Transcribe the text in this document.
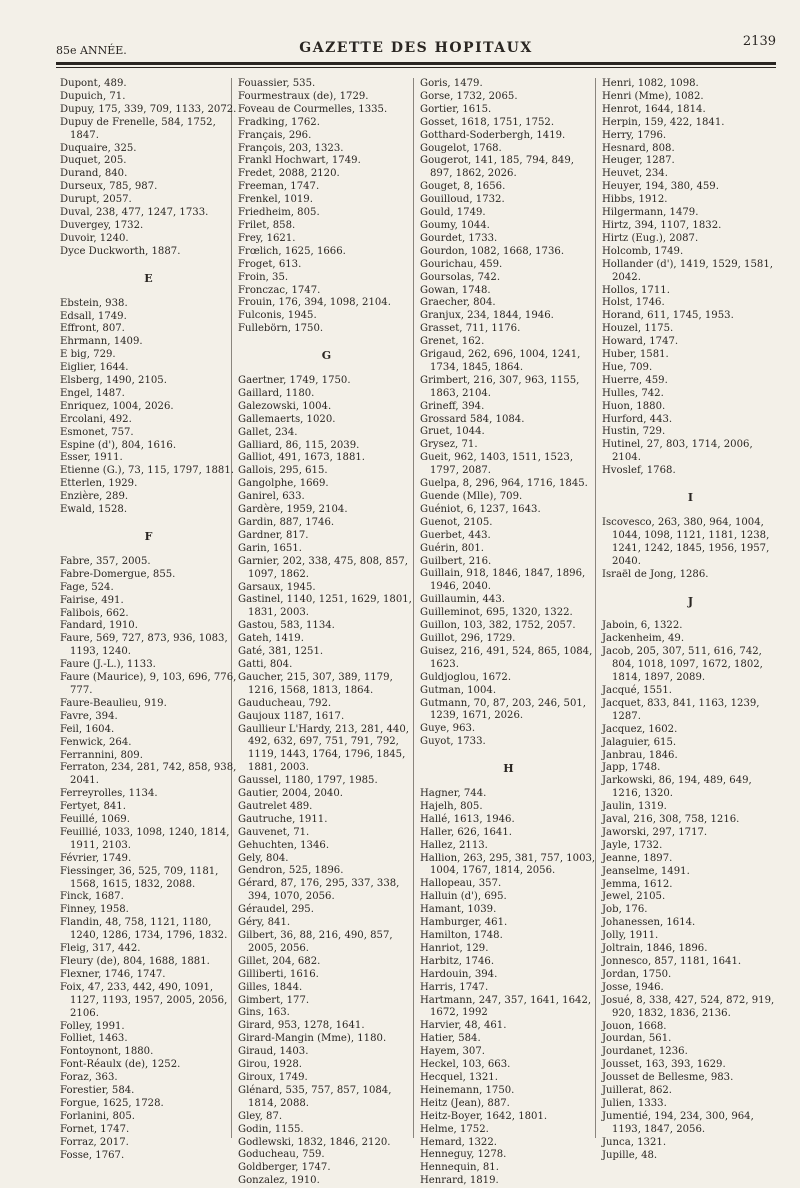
85e ANNÉE.	GAZETTE DES HOPITAUX	2139
Dupont, 489.
Dupuich, 71.
Dupuy, 175, 339, 709, 1133, 2072.
Dupuy de Frenelle, 584, 1752, 1847.
Duquaire, 325.
Duquet, 205.
Durand, 840.
Durseux, 785, 987.
Durupt, 2057.
Duval, 238, 477, 1247, 1733.
Duvergey, 1732.
Duvoir, 1240.
Dyce Duckworth, 1887.
E
Ebstein, 938.
Edsall, 1749.
Effront, 807.
Ehrmann, 1409.
E big, 729.
Eiglier, 1644.
Elsberg, 1490, 2105.
Engel, 1487.
Enriquez, 1004, 2026.
Ercolani, 492.
Esmonet, 757.
Espine (d'), 804, 1616.
Esser, 1911.
Etienne (G.), 73, 115, 1797, 1881.
Etterlen, 1929.
Enzière, 289.
Ewald, 1528.
F
Fabre, 357, 2005.
Fabre-Domergue, 855.
Fage, 524.
Fairise, 491.
Falibois, 662.
Fandard, 1910.
Faure, 569, 727, 873, 936, 1083, 1193, 1240.
Faure (J.-L.), 1133.
Faure (Maurice), 9, 103, 696, 776, 777.
Faure-Beaulieu, 919.
Favre, 394.
Feil, 1604.
Fenwick, 264.
Ferrannini, 809.
Ferraton, 234, 281, 742, 858, 938, 2041.
Ferreyrolles, 1134.
Fertyet, 841.
Feuillé, 1069.
Feuillié, 1033, 1098, 1240, 1814, 1911, 2103.
Février, 1749.
Fiessinger, 36, 525, 709, 1181, 1568, 1615, 1832, 2088.
Finck, 1687.
Finney, 1958.
Flandin, 48, 758, 1121, 1180, 1240, 1286, 1734, 1796, 1832.
Fleig, 317, 442.
Fleury (de), 804, 1688, 1881.
Flexner, 1746, 1747.
Foix, 47, 233, 442, 490, 1091, 1127, 1193, 1957, 2005, 2056, 2106.
Folley, 1991.
Folliet, 1463.
Fontoynont, 1880.
Font-Réaulx (de), 1252.
Foraz, 363.
Forestier, 584.
Forgue, 1625, 1728.
Forlanini, 805.
Fornet, 1747.
Forraz, 2017.
Fosse, 1767.
Fouassier, 535.
Fourmestraux (de), 1729.
Foveau de Courmelles, 1335.
Fradking, 1762.
Français, 296.
François, 203, 1323.
Frankl Hochwart, 1749.
Fredet, 2088, 2120.
Freeman, 1747.
Frenkel, 1019.
Friedheim, 805.
Frilet, 858.
Frey, 1621.
Frœlich, 1625, 1666.
Froget, 613.
Froin, 35.
Fronczac, 1747.
Frouin, 176, 394, 1098, 2104.
Fulconis, 1945.
Fullebörn, 1750.
G
Gaertner, 1749, 1750.
Gaillard, 1180.
Galezowski, 1004.
Gallemaerts, 1020.
Gallet, 234.
Galliard, 86, 115, 2039.
Galliot, 491, 1673, 1881.
Gallois, 295, 615.
Gangolphe, 1669.
Ganirel, 633.
Gardère, 1959, 2104.
Gardin, 887, 1746.
Gardner, 817.
Garin, 1651.
Garnier, 202, 338, 475, 808, 857, 1097, 1862.
Garsaux, 1945.
Gastinel, 1140, 1251, 1629, 1801, 1831, 2003.
Gastou, 583, 1134.
Gateh, 1419.
Gaté, 381, 1251.
Gatti, 804.
Gaucher, 215, 307, 389, 1179, 1216, 1568, 1813, 1864.
Gauducheau, 792.
Gaujoux 1187, 1617.
Gaullieur L'Hardy, 213, 281, 440, 492, 632, 697, 751, 791, 792, 1119, 1443, 1764, 1796, 1845, 1881, 2003.
Gaussel, 1180, 1797, 1985.
Gautier, 2004, 2040.
Gautrelet 489.
Gautruche, 1911.
Gauvenet, 71.
Gehuchten, 1346.
Gely, 804.
Gendron, 525, 1896.
Gérard, 87, 176, 295, 337, 338, 394, 1070, 2056.
Géraudel, 295.
Géry, 841.
Gilbert, 36, 88, 216, 490, 857, 2005, 2056.
Gillet, 204, 682.
Gilliberti, 1616.
Gilles, 1844.
Gimbert, 177.
Gins, 163.
Girard, 953, 1278, 1641.
Girard-Mangin (Mme), 1180.
Giraud, 1403.
Girou, 1928.
Giroux, 1749.
Glénard, 535, 757, 857, 1084, 1814, 2088.
Gley, 87.
Godin, 1155.
Godlewski, 1832, 1846, 2120.
Goducheau, 759.
Goldberger, 1747.
Gonzalez, 1910.
Goris, 1479.
Gorse, 1732, 2065.
Gortier, 1615.
Gosset, 1618, 1751, 1752.
Gotthard-Soderbergh, 1419.
Gougelot, 1768.
Gougerot, 141, 185, 794, 849, 897, 1862, 2026.
Gouget, 8, 1656.
Gouilloud, 1732.
Gould, 1749.
Goumy, 1044.
Gourdet, 1733.
Gourdon, 1082, 1668, 1736.
Gourichau, 459.
Goursolas, 742.
Gowan, 1748.
Graecher, 804.
Granjux, 234, 1844, 1946.
Grasset, 711, 1176.
Grenet, 162.
Grigaud, 262, 696, 1004, 1241, 1734, 1845, 1864.
Grimbert, 216, 307, 963, 1155, 1863, 2104.
Grineff, 394.
Grossard 584, 1084.
Gruet, 1044.
Grysez, 71.
Gueit, 962, 1403, 1511, 1523, 1797, 2087.
Guelpa, 8, 296, 964, 1716, 1845.
Guende (Mlle), 709.
Guéniot, 6, 1237, 1643.
Guenot, 2105.
Guerbet, 443.
Guérin, 801.
Guilbert, 216.
Guillain, 918, 1846, 1847, 1896, 1946, 2040.
Guillaumin, 443.
Guilleminot, 695, 1320, 1322.
Guillon, 103, 382, 1752, 2057.
Guillot, 296, 1729.
Guisez, 216, 491, 524, 865, 1084, 1623.
Guldjoglou, 1672.
Gutman, 1004.
Gutmann, 70, 87, 203, 246, 501, 1239, 1671, 2026.
Guye, 963.
Guyot, 1733.
H
Hagner, 744.
Hajelh, 805.
Hallé, 1613, 1946.
Haller, 626, 1641.
Hallez, 2113.
Hallion, 263, 295, 381, 757, 1003, 1004, 1767, 1814, 2056.
Hallopeau, 357.
Halluin (d'), 695.
Hamant, 1039.
Hamburger, 461.
Hamilton, 1748.
Hanriot, 129.
Harbitz, 1746.
Hardouin, 394.
Harris, 1747.
Hartmann, 247, 357, 1641, 1642, 1672, 1992
Harvier, 48, 461.
Hatier, 584.
Hayem, 307.
Heckel, 103, 663.
Hecquel, 1321.
Heinemann, 1750.
Heitz (Jean), 887.
Heitz-Boyer, 1642, 1801.
Helme, 1752.
Hemard, 1322.
Henneguy, 1278.
Hennequin, 81.
Henrard, 1819.
Henri, 1082, 1098.
Henri (Mme), 1082.
Henrot, 1644, 1814.
Herpin, 159, 422, 1841.
Herry, 1796.
Hesnard, 808.
Heuger, 1287.
Heuvet, 234.
Heuyer, 194, 380, 459.
Hibbs, 1912.
Hilgermann, 1479.
Hirtz, 394, 1107, 1832.
Hirtz (Eug.), 2087.
Holcomb, 1749.
Hollander (d'), 1419, 1529, 1581, 2042.
Hollos, 1711.
Holst, 1746.
Horand, 611, 1745, 1953.
Houzel, 1175.
Howard, 1747.
Huber, 1581.
Hue, 709.
Huerre, 459.
Hulles, 742.
Huon, 1880.
Hurford, 443.
Hustin, 729.
Hutinel, 27, 803, 1714, 2006, 2104.
Hvoslef, 1768.
I
Iscovesco, 263, 380, 964, 1004, 1044, 1098, 1121, 1181, 1238, 1241, 1242, 1845, 1956, 1957, 2040.
Israël de Jong, 1286.
J
Jaboin, 6, 1322.
Jackenheim, 49.
Jacob, 205, 307, 511, 616, 742, 804, 1018, 1097, 1672, 1802, 1814, 1897, 2089.
Jacqué, 1551.
Jacquet, 833, 841, 1163, 1239, 1287.
Jacquez, 1602.
Jalaguier, 615.
Janbrau, 1846.
Japp, 1748.
Jarkowski, 86, 194, 489, 649, 1216, 1320.
Jaulin, 1319.
Javal, 216, 308, 758, 1216.
Jaworski, 297, 1717.
Jayle, 1732.
Jeanne, 1897.
Jeanselme, 1491.
Jemma, 1612.
Jewel, 2105.
Job, 176.
Johanessen, 1614.
Jolly, 1911.
Joltrain, 1846, 1896.
Jonnesco, 857, 1181, 1641.
Jordan, 1750.
Josse, 1946.
Josué, 8, 338, 427, 524, 872, 919, 920, 1832, 1836, 2136.
Jouon, 1668.
Jourdan, 561.
Jourdanet, 1236.
Jousset, 163, 393, 1629.
Jousset de Bellesme, 983.
Juillerat, 862.
Julien, 1333.
Jumentié, 194, 234, 300, 964, 1193, 1847, 2056.
Junca, 1321.
Jupille, 48.
